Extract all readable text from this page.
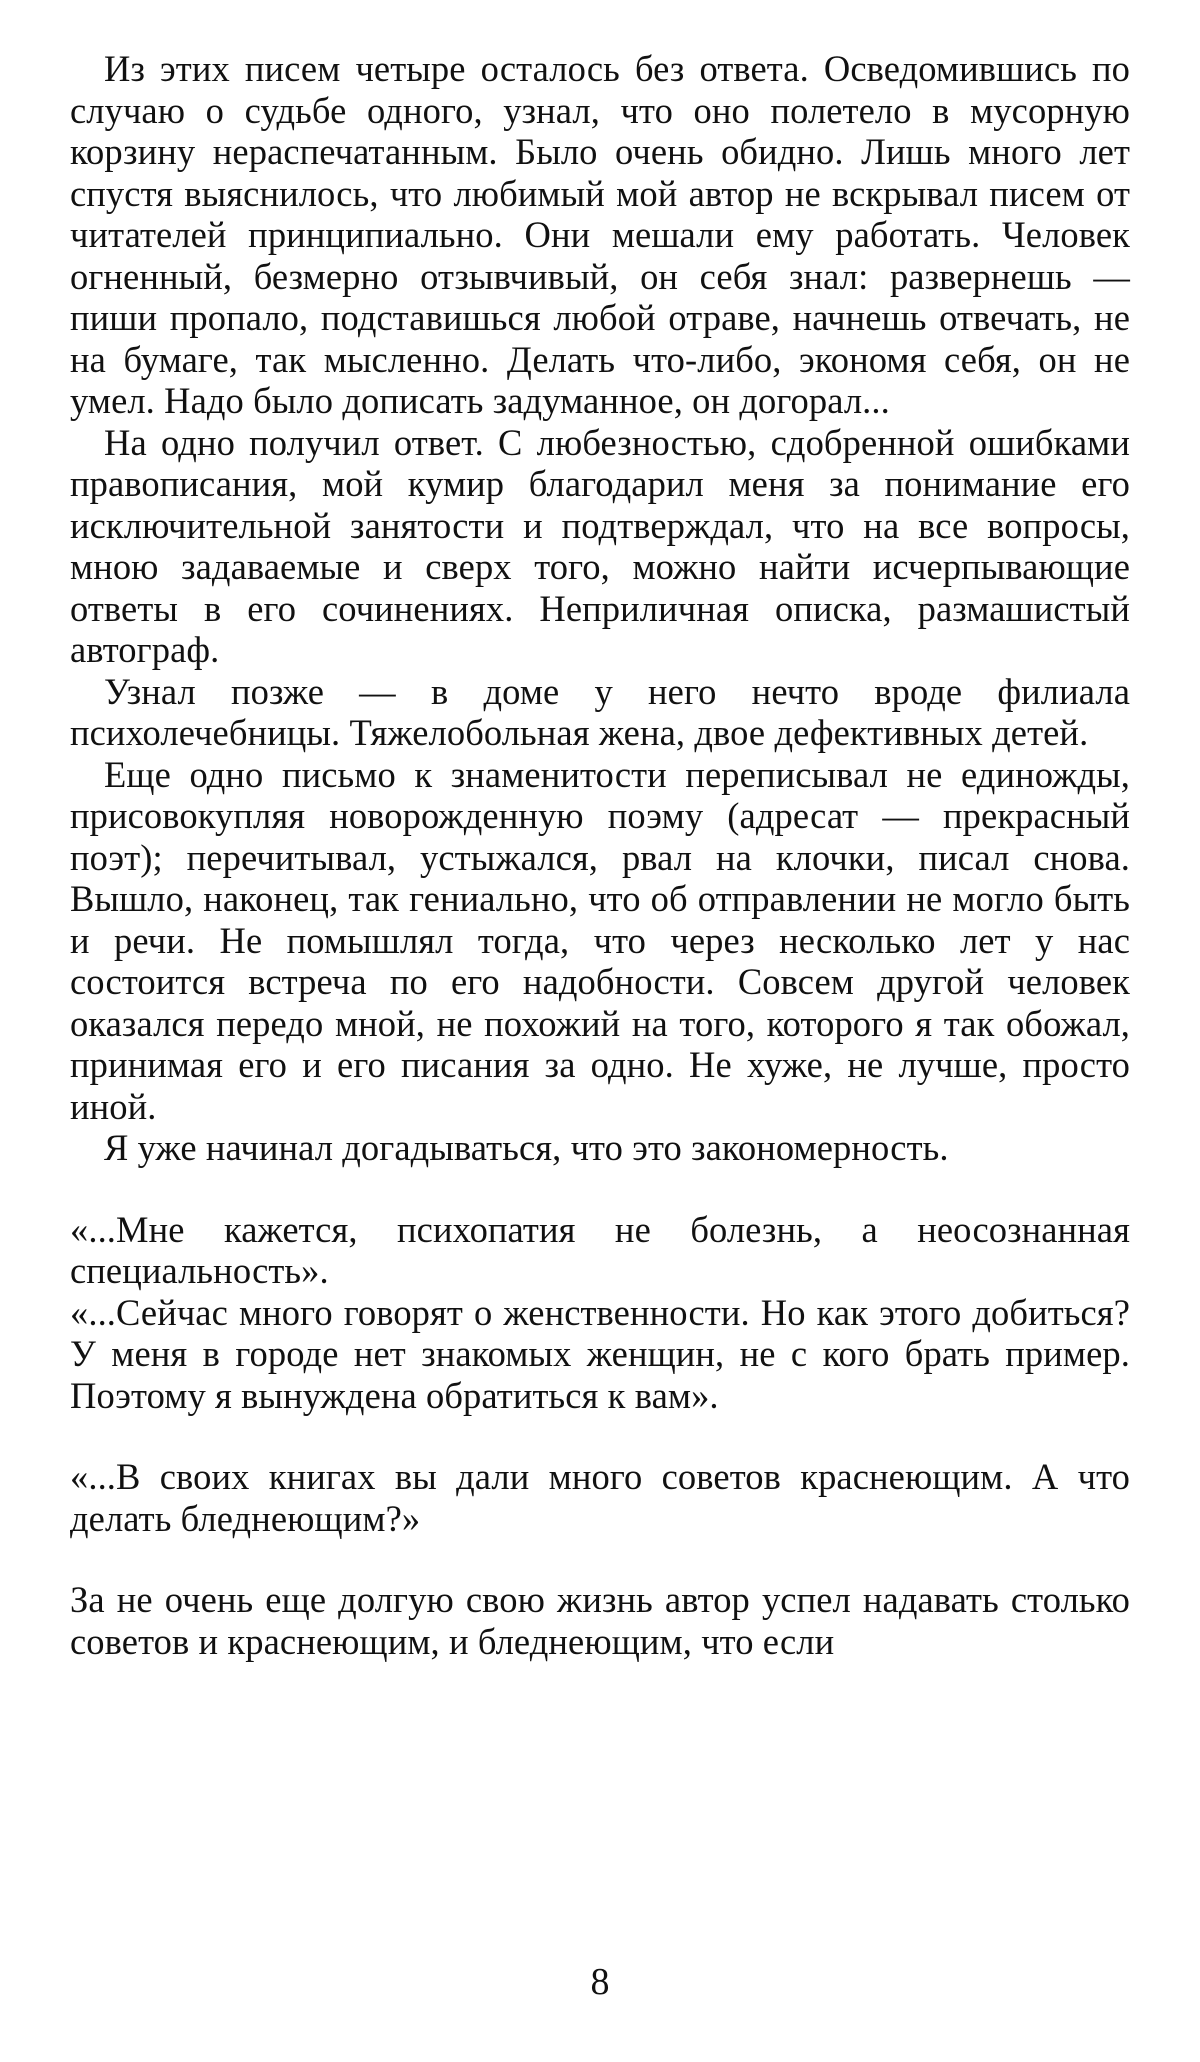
Из этих писем четыре осталось без ответа. Осведомившись по случаю о судьбе одного, узнал, что оно полетело в мусорную корзину нераспечатанным. Было очень обидно. Лишь много лет спустя выяснилось, что любимый мой автор не вскрывал писем от читателей принципиально. Они мешали ему работать. Человек огненный, безмерно отзывчивый, он себя знал: развернешь — пиши пропало, подставишься любой отраве, начнешь отвечать, не на бумаге, так мысленно. Делать что-либо, экономя себя, он не умел. Надо было дописать задуманное, он догорал...

На одно получил ответ. С любезностью, сдобренной ошибками правописания, мой кумир благодарил меня за понимание его исключительной занятости и подтверждал, что на все вопросы, мною задаваемые и сверх того, можно найти исчерпывающие ответы в его сочинениях. Неприличная описка, размашистый автограф.

Узнал позже — в доме у него нечто вроде филиала психолечебницы. Тяжелобольная жена, двое дефективных детей.

Еще одно письмо к знаменитости переписывал не единожды, присовокупляя новорожденную поэму (адресат — прекрасный поэт); перечитывал, устыжался, рвал на клочки, писал снова. Вышло, наконец, так гениально, что об отправлении не могло быть и речи. Не помышлял тогда, что через несколько лет у нас состоится встреча по его надобности. Совсем другой человек оказался передо мной, не похожий на того, которого я так обожал, принимая его и его писания за одно. Не хуже, не лучше, просто иной.

Я уже начинал догадываться, что это закономерность.

«...Мне кажется, психопатия не болезнь, а неосознанная специальность».

«...Сейчас много говорят о женственности. Но как этого добиться? У меня в городе нет знакомых женщин, не с кого брать пример. Поэтому я вынуждена обратиться к вам».

«...В своих книгах вы дали много советов краснеющим. А что делать бледнеющим?»

За не очень еще долгую свою жизнь автор успел надавать столько советов и краснеющим, и бледнеющим, что если

8
